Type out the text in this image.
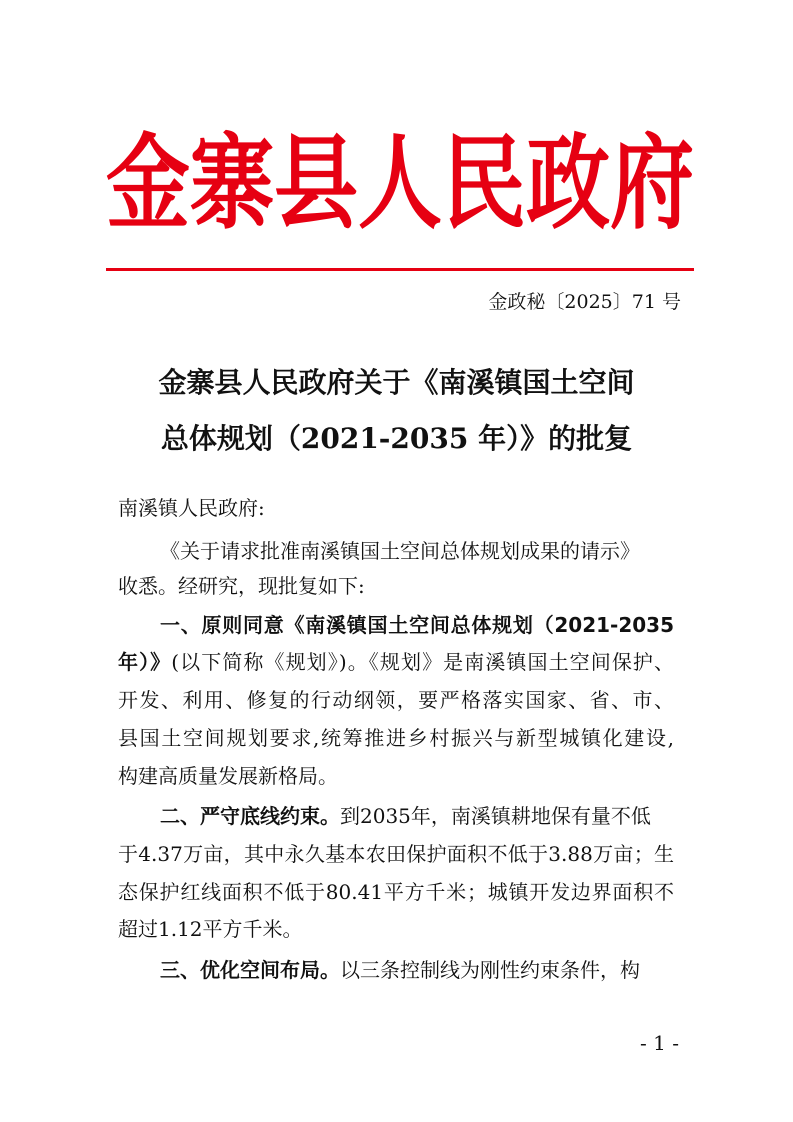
金 寨 县 人 民 政 府
金政秘〔2025〕71 号
金寨县人民政府关于《南溪镇国土空间
总体规划（2021-2035 年）》的批复
南溪镇人民政府:
《关于请求批准南溪镇国土空间总体规划成果的请示》
收悉。经研究，现批复如下:
一、原则同意《南溪镇国土空间总体规划（2021-2035
年）》(以下简称《规划》)。《规划》是南溪镇国土空间保护、
开发、利用、修复的行动纲领，要严格落实国家、省、市、
县国土空间规划要求,统筹推进乡村振兴与新型城镇化建设,
构建高质量发展新格局。
二、严守底线约束。到2035年，南溪镇耕地保有量不低
于4.37万亩，其中永久基本农田保护面积不低于3.88万亩；生
态保护红线面积不低于80.41平方千米；城镇开发边界面积不
超过1.12平方千米。
三、优化空间布局。以三条控制线为刚性约束条件，构
- 1 -
